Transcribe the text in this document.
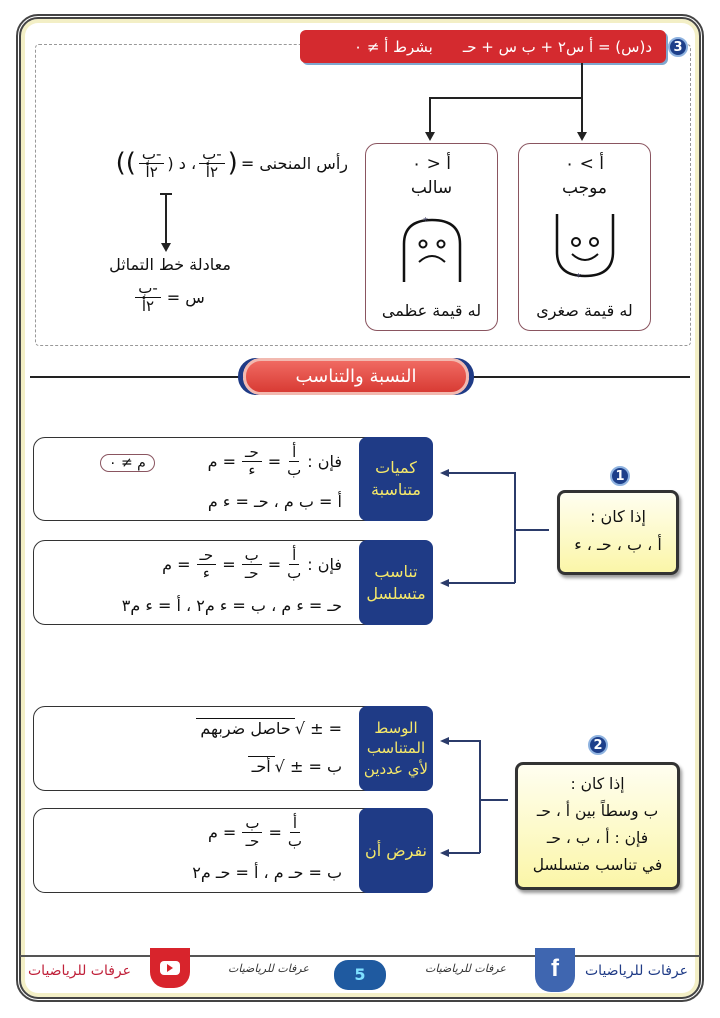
د(س) = أ س٢ + ب س + حـ
بشرط أ ≠ ٠	3
أ > ٠
موجب
*
له قيمة صغرى
أ < ٠
سالب
*
له قيمة عظمى
رأس المنحنى =
(
$\frac{\text{-ب}}{\text{٢أ}}$
، د (
$\frac{\text{-ب}}{\text{٢أ}}$
))
معادلة خط التماثل
س =
$\frac{\text{-ب}}{\text{٢أ}}$
النسبة والتناسب
كميات متناسبة
فإن :
$\frac{\text{أ}}{\text{ب}}$
=
$\frac{\text{حـ}}{\text{ء}}$
= م
م ≠ ٠
أ = ب م ، حـ = ء م
تناسب متسلسل
فإن :
$\frac{\text{أ}}{\text{ب}}$
=
$\frac{\text{ب}}{\text{حـ}}$
=
$\frac{\text{حـ}}{\text{ء}}$
= م
حـ = ء م ، ب = ء م٢ ، أ = ء م٣
1
إذا كان :
أ ، ب ، حـ ، ء
الوسط المتناسب لأي عددين
= ± √حاصل ضربهم
ب = ± √أحـ
نفرض أن
$\frac{\text{أ}}{\text{ب}}$
=
$\frac{\text{ب}}{\text{حـ}}$
= م
ب = حـ م ، أ = حـ م٢
2
إذا كان :
ب وسطاً بين أ ، حـ
فإن : أ ، ب ، حـ
في تناسب متسلسل
عرفات للرياضيات	عرفات للرياضيات	5	عرفات للرياضيات	f	عرفات للرياضيات
